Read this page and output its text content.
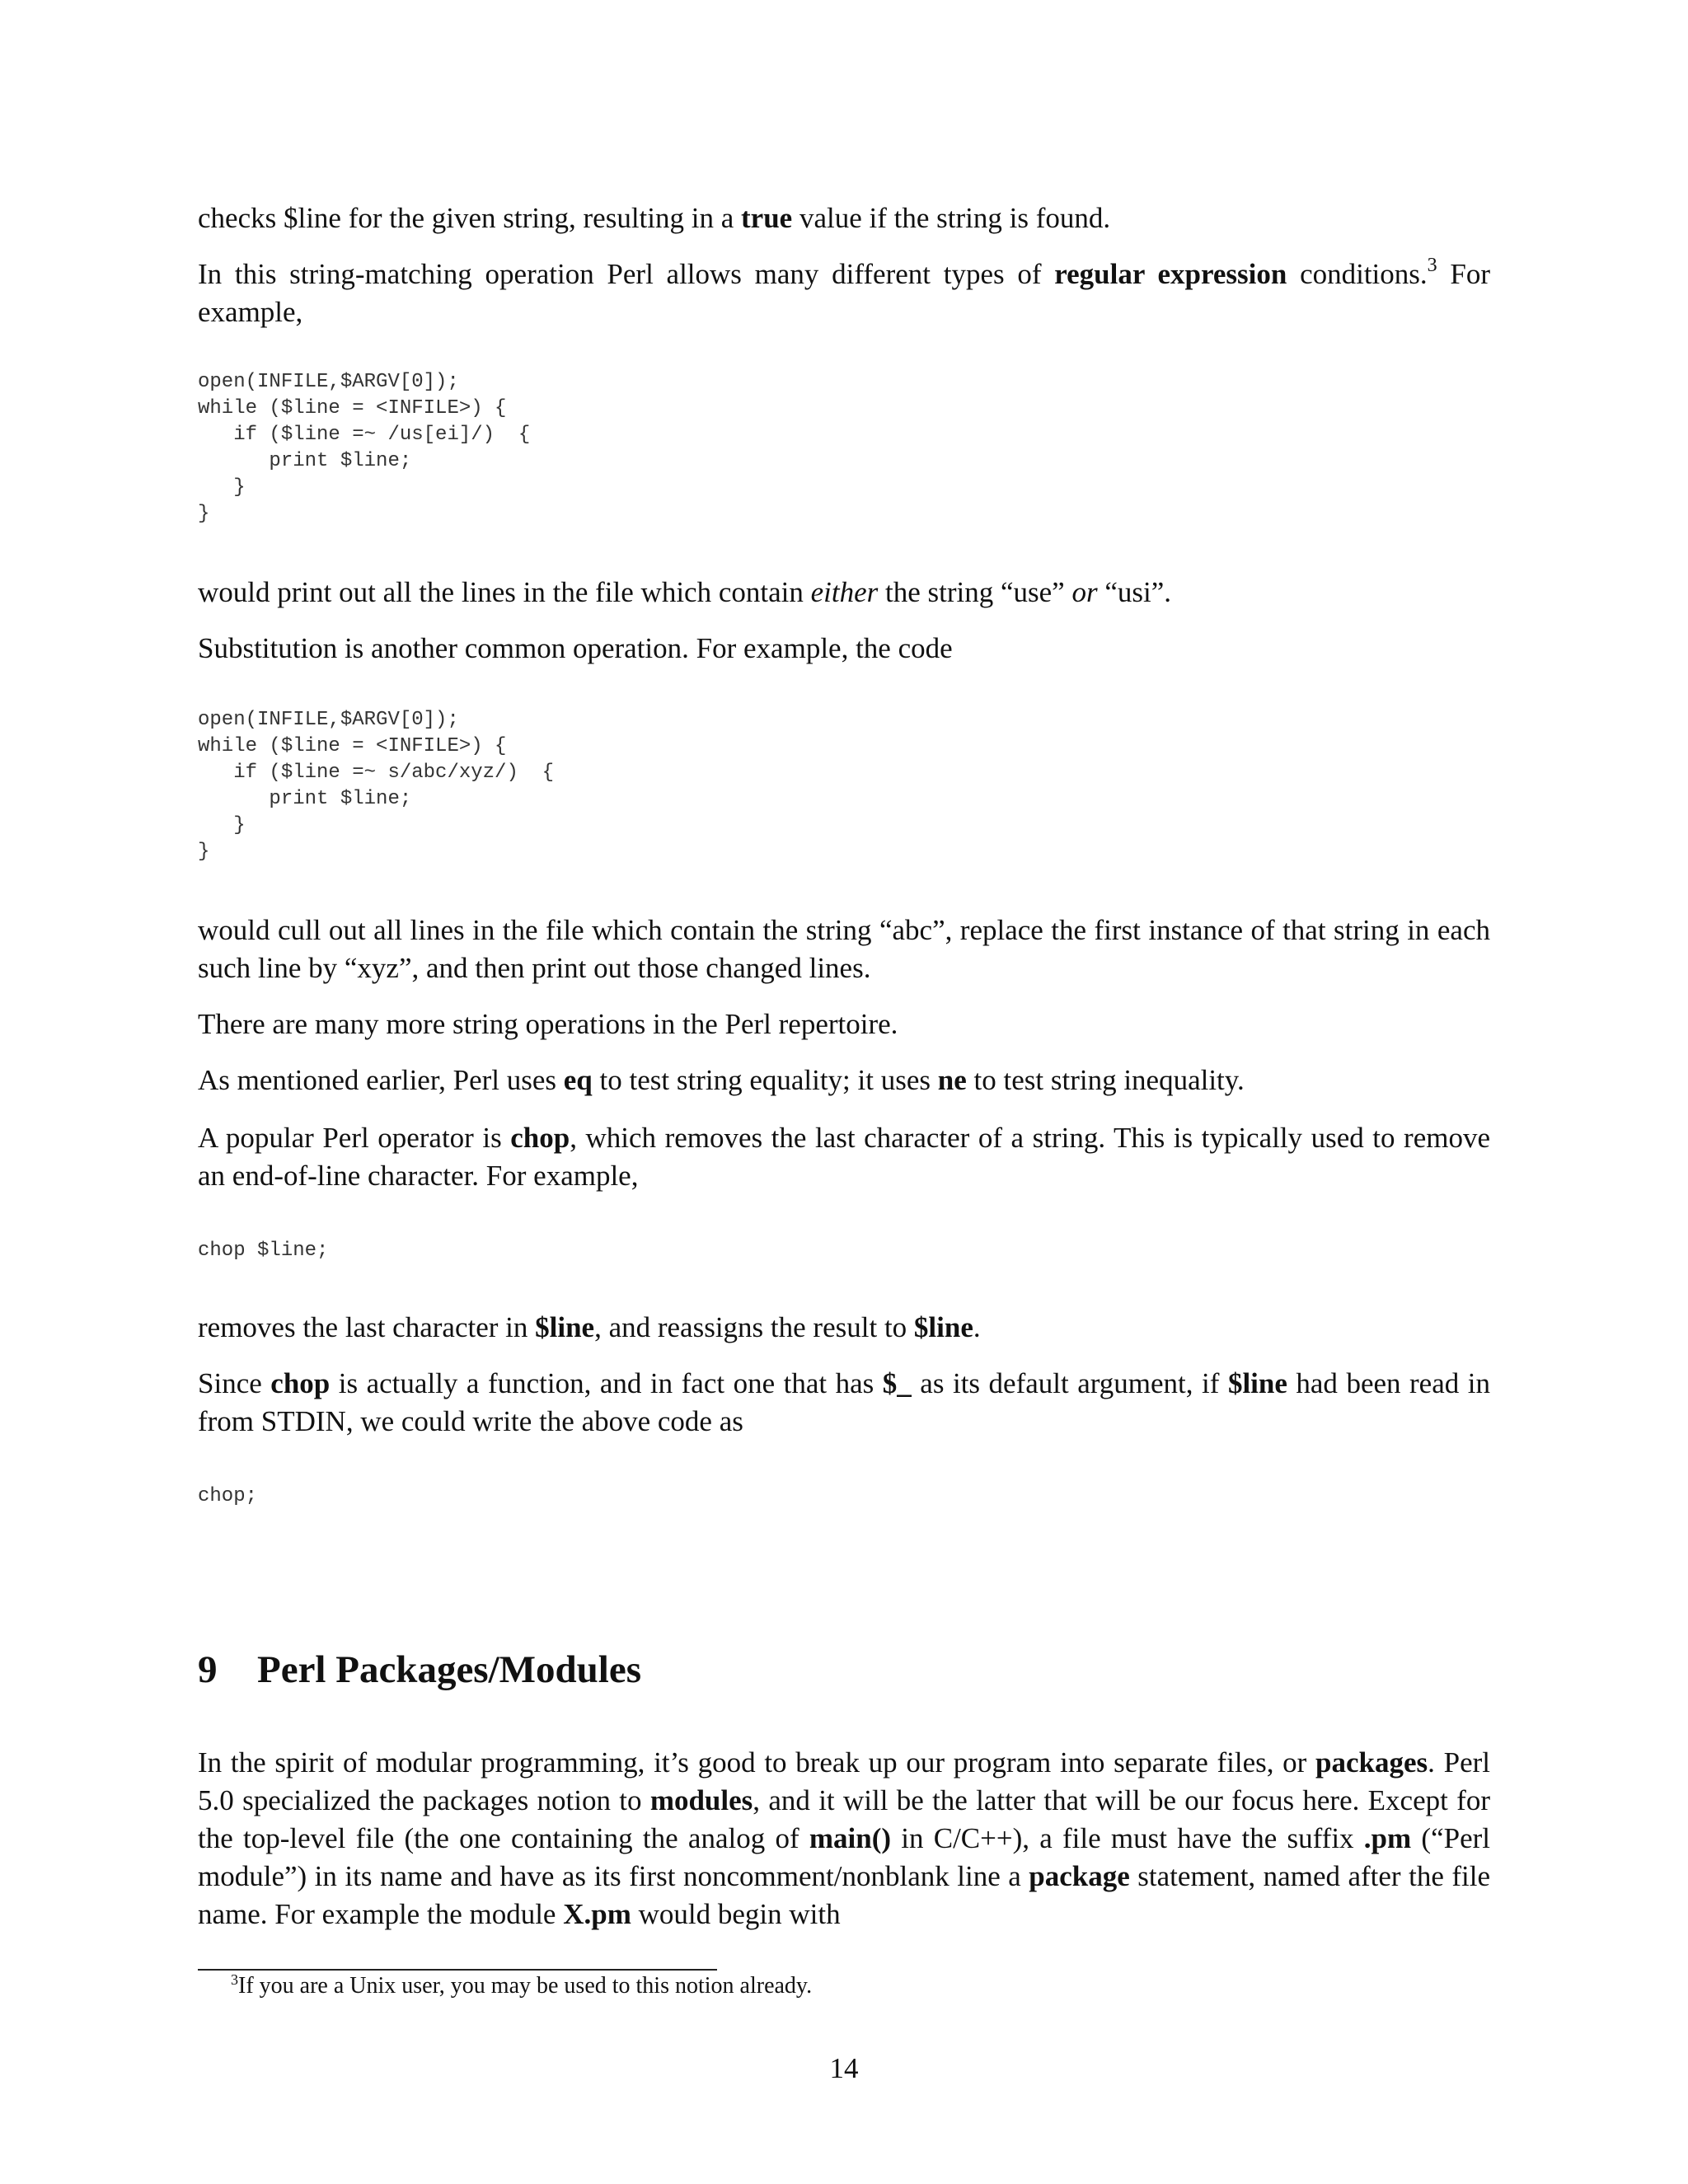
checks $line for the given string, resulting in a true value if the string is found.

In this string-matching operation Perl allows many different types of regular expression conditions.$^3$ For example,

open(INFILE,$ARGV[0]);
while ($line = <INFILE>) {
if ($line =~ /us[ei]/)  {
print $line;
}
}

would print out all the lines in the file which contain either the string “use” or “usi”.

Substitution is another common operation. For example, the code

open(INFILE,$ARGV[0]);
while ($line = <INFILE>) {
if ($line =~ s/abc/xyz/)  {
print $line;
}
}

would cull out all lines in the file which contain the string “abc”, replace the first instance of that string in each such line by “xyz”, and then print out those changed lines.

There are many more string operations in the Perl repertoire.

As mentioned earlier, Perl uses eq to test string equality; it uses ne to test string inequality.

A popular Perl operator is chop, which removes the last character of a string. This is typically used to remove an end-of-line character. For example,

chop $line;

removes the last character in $line, and reassigns the result to $line.

Since chop is actually a function, and in fact one that has $_ as its default argument, if $line had been read in from STDIN, we could write the above code as

chop;
9 Perl Packages/Modules

In the spirit of modular programming, it’s good to break up our program into separate files, or packages. Perl 5.0 specialized the packages notion to modules, and it will be the latter that will be our focus here. Except for the top-level file (the one containing the analog of main() in C/C++), a file must have the suffix .pm (“Perl module”) in its name and have as its first noncomment/nonblank line a package statement, named after the file name. For example the module X.pm would begin with

$^3$If you are a Unix user, you may be used to this notion already.
14
